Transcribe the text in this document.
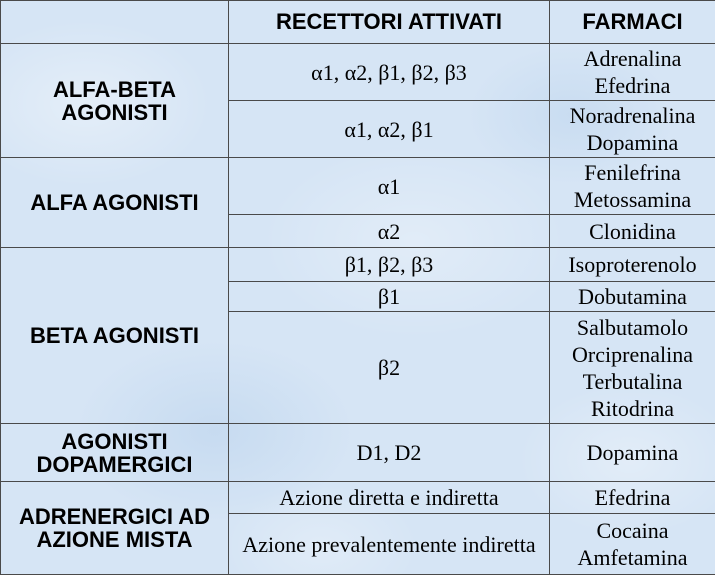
	RECETTORI ATTIVATI	FARMACI

ALFA-BETA
AGONISTI	α1, α2, β1, β2, β3	Adrenalina
Efedrina

	α1, α2, β1	Noradrenalina
Dopamina

ALFA AGONISTI	α1	Fenilefrina
Metossamina

	α2	Clonidina

BETA AGONISTI	β1, β2, β3	Isoproterenolo

	β1	Dobutamina

	β2	Salbutamolo
Orciprenalina
Terbutalina
Ritodrina

AGONISTI
DOPAMERGICI	D1, D2	Dopamina

ADRENERGICI AD
AZIONE MISTA	Azione diretta e indiretta	Efedrina

	Azione prevalentemente indiretta	Cocaina
Amfetamina
